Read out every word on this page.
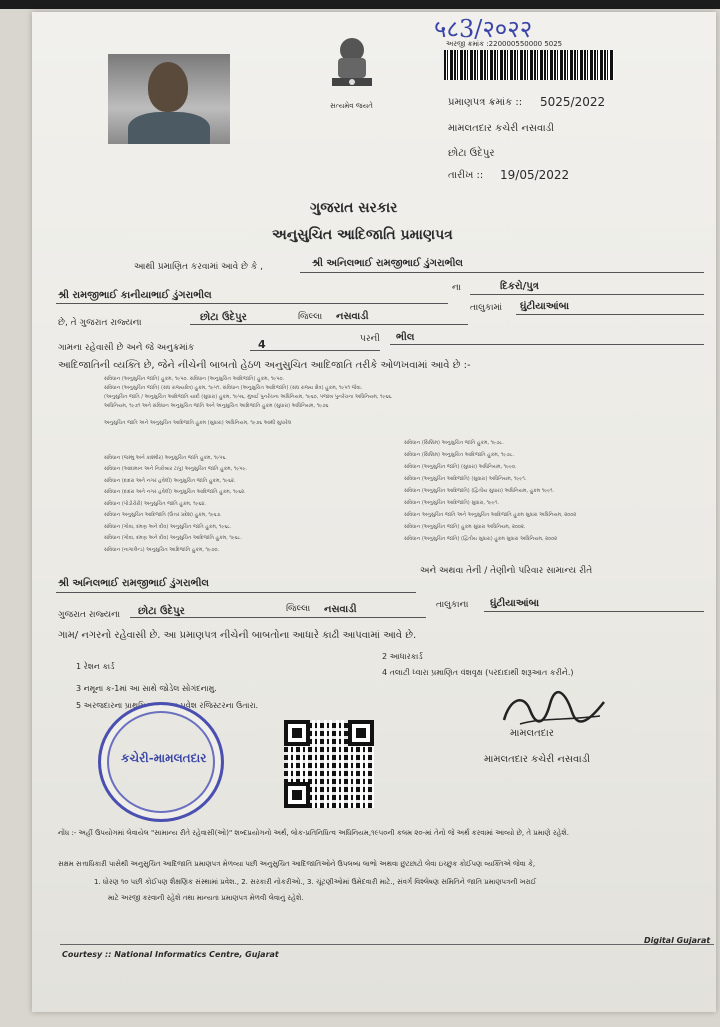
५८3/२०२२
અરજી ક્રમાંક :220000550000 5025
સત્યમેવ જયતે	પ્રમાણપત્ર ક્રમાંક :: 5025/2022
મામલતદાર કચેરી નસવાડી
છોટા ઉદેપુર
તારીખ :: 19/05/2022
ગુજરાત સરકાર
અનુસુચિત આદિજાતિ પ્રમાણપત્ર
આથી પ્રમાણિત કરવામાં આવે છે કે ,	શ્રી અનિલભાઈ રામજીભાઈ ડુંગરાભીલ
શ્રી રામજીભાઈ કાનીયાભાઈ ડુંગરાભીલ
ના	દિકરો/પુત્ર
છે, તે ગુજરાત રાજ્યના	છોટા ઉદેપુર	જિલ્લા નસવાડી
તાલુકામાં ઘુંટીયાઆંબા
ગામના રહેવાસી છે અને જે અનુક્રમાંક	4	પરની ભીલ
આદિજાતિની વ્યક્તિ છે, જેને નીચેની બાબતો હેઠળ અનુસુચિત આદિજાતિ તરીકે ઓળખવામાં આવે છે :-
સંવિધાન (અનુસુચિત જાતિ) હુકમ, ૧૯૫૦. સંવિધાન (અનુસુચિત આદિજાતિ) હુકમ, ૧૯૫૦.
સંવિધાન (અનુસુચિત જાતિ) (સંઘ રાજ્યક્ષેત્ર) હુકમ, ૧૯૫૧. સંવિધાન (અનુસુચિત આદિજાતિ) (સંઘ રાજ્ય ક્ષેત્ર) હુકમ, ૧૯૫૧ જેવા.
(અનુસુચિત જાતિ / અનુસુચિત આદિજાતિ યાદી (સુધારા) હુકમ, ૧૯૫૬, મુંબઈ પુનર્રચના અધિનિયમ, ૧૯૬૦, પંજાબ પુનર્રચના અધિનિયમ, ૧૯૬૬.
અધિનિયમ, ૧૯૭૧ અને સંવિધાન અનુસુચિત જાતિ અને અનુસુચિત આદિજાતિ હુકમ (સુધારા) અધિનિયમ, ૧૯૭૬
અનુસુચિત જાતિ અને અનુસુચિત આદિજાતિ હુકમ (સુધારા) અધિનિયમ, ૧૯૭૬ આથી સુધારેલ
સંવિધાન (જમ્મુ અને કાશ્મીર) અનુસુચિત જાતિ હુકમ, ૧૯૫૬.
સંવિધાન (આંદામાન અને નિકોબાર ટાપુ) અનુસુચિત જાતિ હુકમ, ૧૯૫૯.
સંવિધાન (દાદરા અને નગર હવેલી) અનુસુચિત જાતિ હુકમ, ૧૯૬૨.
સંવિધાન (દાદરા અને નગર હવેલી) અનુસુચિત આદિજાતિ હુકમ, ૧૯૬૨.
સંવિધાન (પોંડીચેરી) અનુસુચિત જાતિ હુકમ, ૧૯૬૪.
સંવિધાન અનુસુચિત આદિજાતિ (ઉત્તર પ્રદેશ) હુકમ, ૧૯૬૭.
સંવિધાન (ગોવા, દમણ અને દીવ) અનુસુચિત જાતિ હુકમ, ૧૯૬૮.
સંવિધાન (ગોવા, દમણ અને દીવ) અનુસુચિત આદિજાતિ હુકમ, ૧૯૬૮.
સંવિધાન (નાગાલેન્ડ) અનુસુચિત આદિજાતિ હુકમ, ૧૯૭૦.
સંવિધાન (સિક્કિમ) અનુસુચિત જાતિ હુકમ, ૧૯૭૮.
સંવિધાન (સિક્કિમ) અનુસુચિત આદિજાતિ હુકમ, ૧૯૭૮.
સંવિધાન (અનુસુચિત જાતિ) (સુધારા) અધિનિયમ, ૧૯૯૦.
સંવિધાન (અનુસુચિત આદિજાતિ) (સુધારા) અધિનિયમ, ૧૯૯૧.
સંવિધાન (અનુસુચિત આદિજાતિ) (દ્વિતીય સુધારા) અધિનિયમ, હુકમ ૧૯૯૧.
સંવિધાન (અનુસુચિત આદિજાતિ) સુધારા, ૧૯૯૧.
સંવિધાન અનુસુચિત જાતિ અને અનુસુચિત આદિજાતિ હુકમ સુધારા અધિનિયમ, ૨૦૦૨
સંવિધાન (અનુસુચિત જાતિ) હુકમ સુધારા અધિનિયમ, ૨૦૦૨.
સંવિધાન (અનુસુચિત જાતિ) (દ્વિતીય સુધારા) હુકમ સુધારા અધિનિયમ, ૨૦૦૨
શ્રી અનિલભાઈ રામજીભાઈ ડુંગરાભીલ
અને અથવા તેની / તેણીનો પરિવાર સામાન્ય રીતે
ગુજરાત રાજ્યના છોટા ઉદેપુર	જિલ્લા નસવાડી	તાલુકાના ઘુંટીયાઆંબા
ગામ/ નગરનો રહેવાસી છે. આ પ્રમાણપત્ર નીચેની બાબતોના આધારે કાઢી આપવામાં આવે છે.
1 રેશન કાર્ડ
2 આધારકાર્ડ
3 નમૂના ક-1માં આ સાથે જોડેલ સોગંદનામુ.
4 તલાટી ધ્વારા પ્રમાણિત વંશવૃક્ષ (પરદાદાથી શરૂઆત કરીને.)
5 અરજદારના પ્રાથમિક શાળાના પ્રવેશ રજિસ્ટરના ઉતારા.
કચેરી-મામલતદાર
મામલતદાર
મામલતદાર કચેરી નસવાડી
નોંધ :- અહીં ઉપયોગમાં લેવાયેલ "સામાન્ય રીતે રહેવાસી(ઓ)" શબ્દપ્રયોગનો અર્થ, લોક-પ્રતિનિધિત્વ અધિનિયમ,૧૯૫૦ની કલમ ૨૦-માં તેનો જે અર્થ કરવામાં આવ્યો છે, તે પ્રમાણે રહેશે.
સક્ષમ સત્તાધિકારી પાસેથી અનુસુચિત આદિજાતિ પ્રમાણપત્ર મેળવ્યા પછી અનુસુચિત આદિજાતિઓને ઉપલબ્ધ લાભો અથવા છુટછાટો લેવા ઇચ્છુક કોઈપણ વ્યક્તિએ જેવા કે,
1. ધોરણ ૧૦ પછી કોઈપણ શૈક્ષણિક સંસ્થામાં પ્રવેશ., 2. સરકારી નોકરીઓ., 3. ચૂંટણીઓમાં ઉમેદવારી માટે., સંવર્ગ વિશ્લેષણ સમિતિને જાતિ પ્રમાણપત્રની ખરાઈ
માટે અરજી કરવાની રહેશે તથા માન્યતા પ્રમાણપત્ર મેળવી લેવાનું રહેશે.
Courtesy :: National Informatics Centre, Gujarat
Digital Gujarat
